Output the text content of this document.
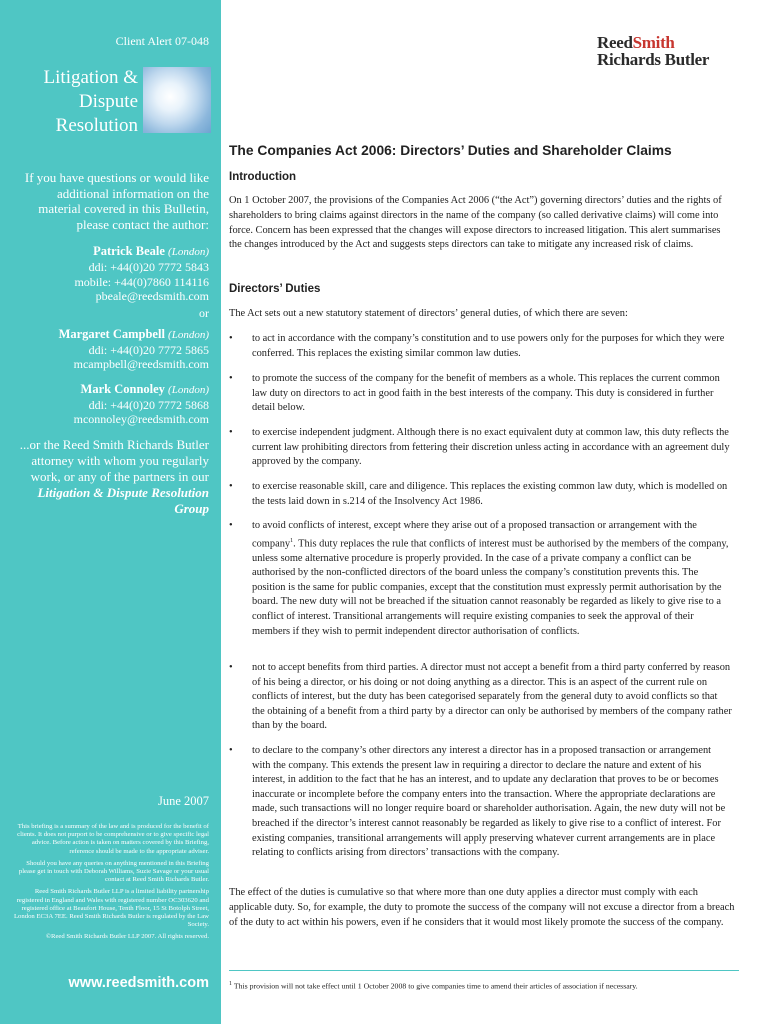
Client Alert 07-048
Litigation &
Dispute
Resolution

If you have questions or would like additional information on the material covered in this Bulletin, please contact the author:

Patrick Beale (London)

ddi: +44(0)20 7772 5843

mobile: +44(0)7860 114116

pbeale@reedsmith.com

or

Margaret Campbell (London)

ddi: +44(0)20 7772 5865

mcampbell@reedsmith.com

Mark Connoley (London)

ddi: +44(0)20 7772 5868

mconnoley@reedsmith.com

...or the Reed Smith Richards Butler attorney with whom you regularly work, or any of the partners in our Litigation & Dispute Resolution Group

June 2007

This briefing is a summary of the law and is produced for the benefit of clients. It does not purport to be comprehensive or to give specific legal advice. Before action is taken on matters covered by this Briefing, reference should be made to the appropriate adviser.

Should you have any queries on anything mentioned in this Briefing please get in touch with Deborah Williams, Suzie Savage or your usual contact at Reed Smith Richards Butler.

Reed Smith Richards Butler LLP is a limited liability partnership registered in England and Wales with registered number OC303620 and registered office at Beaufort House, Tenth Floor, 15 St Botolph Street, London EC3A 7EE. Reed Smith Richards Butler is regulated by the Law Society.

©Reed Smith Richards Butler LLP 2007. All rights reserved.

www.reedsmith.com
ReedSmith
Richards Butler
The Companies Act 2006: Directors’ Duties and Shareholder Claims
Introduction

On 1 October 2007, the provisions of the Companies Act 2006 (“the Act”) governing directors’ duties and the rights of shareholders to bring claims against directors in the name of the company (so called derivative claims) will come into force. Concern has been expressed that the changes will expose directors to increased litigation. This alert summarises the changes introduced by the Act and suggests steps directors can take to mitigate any increased risk of claims.

Directors’ Duties

The Act sets out a new statutory statement of directors’ general duties, of which there are seven:

• to act in accordance with the company’s constitution and to use powers only for the purposes for which they were conferred. This replaces the existing similar common law duties.
• to promote the success of the company for the benefit of members as a whole. This replaces the current common law duty on directors to act in good faith in the best interests of the company. This duty is considered in further detail below.
• to exercise independent judgment. Although there is no exact equivalent duty at common law, this duty reflects the current law prohibiting directors from fettering their discretion unless acting in accordance with an agreement duly approved by the company.
• to exercise reasonable skill, care and diligence. This replaces the existing common law duty, which is modelled on the tests laid down in s.214 of the Insolvency Act 1986.
• to avoid conflicts of interest, except where they arise out of a proposed transaction or arrangement with the company$^1$. This duty replaces the rule that conflicts of interest must be authorised by the members of the company, unless some alternative procedure is properly provided. In the case of a private company a conflict can be authorised by the non-conflicted directors of the board unless the company’s constitution prevents this. The position is the same for public companies, except that the constitution must expressly permit authorisation by the board. The new duty will not be breached if the situation cannot reasonably be regarded as likely to give rise to a conflict of interest. Transitional arrangements will require existing companies to seek the approval of their members if they wish to permit independent director authorisation of conflicts.
• not to accept benefits from third parties. A director must not accept a benefit from a third party conferred by reason of his being a director, or his doing or not doing anything as a director. This is an aspect of the current rule on conflicts of interest, but the duty has been categorised separately from the general duty to avoid conflicts so that the obtaining of a benefit from a third party by a director can only be authorised by members of the company rather than by the board.
• to declare to the company’s other directors any interest a director has in a proposed transaction or arrangement with the company. This extends the present law in requiring a director to declare the nature and extent of his interest, in addition to the fact that he has an interest, and to update any declaration that proves to be or becomes inaccurate or incomplete before the company enters into the transaction. Where the appropriate declarations are made, such transactions will no longer require board or shareholder authorisation. Again, the new duty will not be breached if the director’s interest cannot reasonably be regarded as likely to give rise to a conflict of interest. For existing companies, transitional arrangements will apply preserving whatever current arrangements are in place relating to conflicts arising from directors’ transactions with the company.

The effect of the duties is cumulative so that where more than one duty applies a director must comply with each applicable duty. So, for example, the duty to promote the success of the company will not excuse a director from a breach of the duty to act within his powers, even if he considers that it would most likely promote the success of the company.

$^1$ This provision will not take effect until 1 October 2008 to give companies time to amend their articles of association if necessary.
